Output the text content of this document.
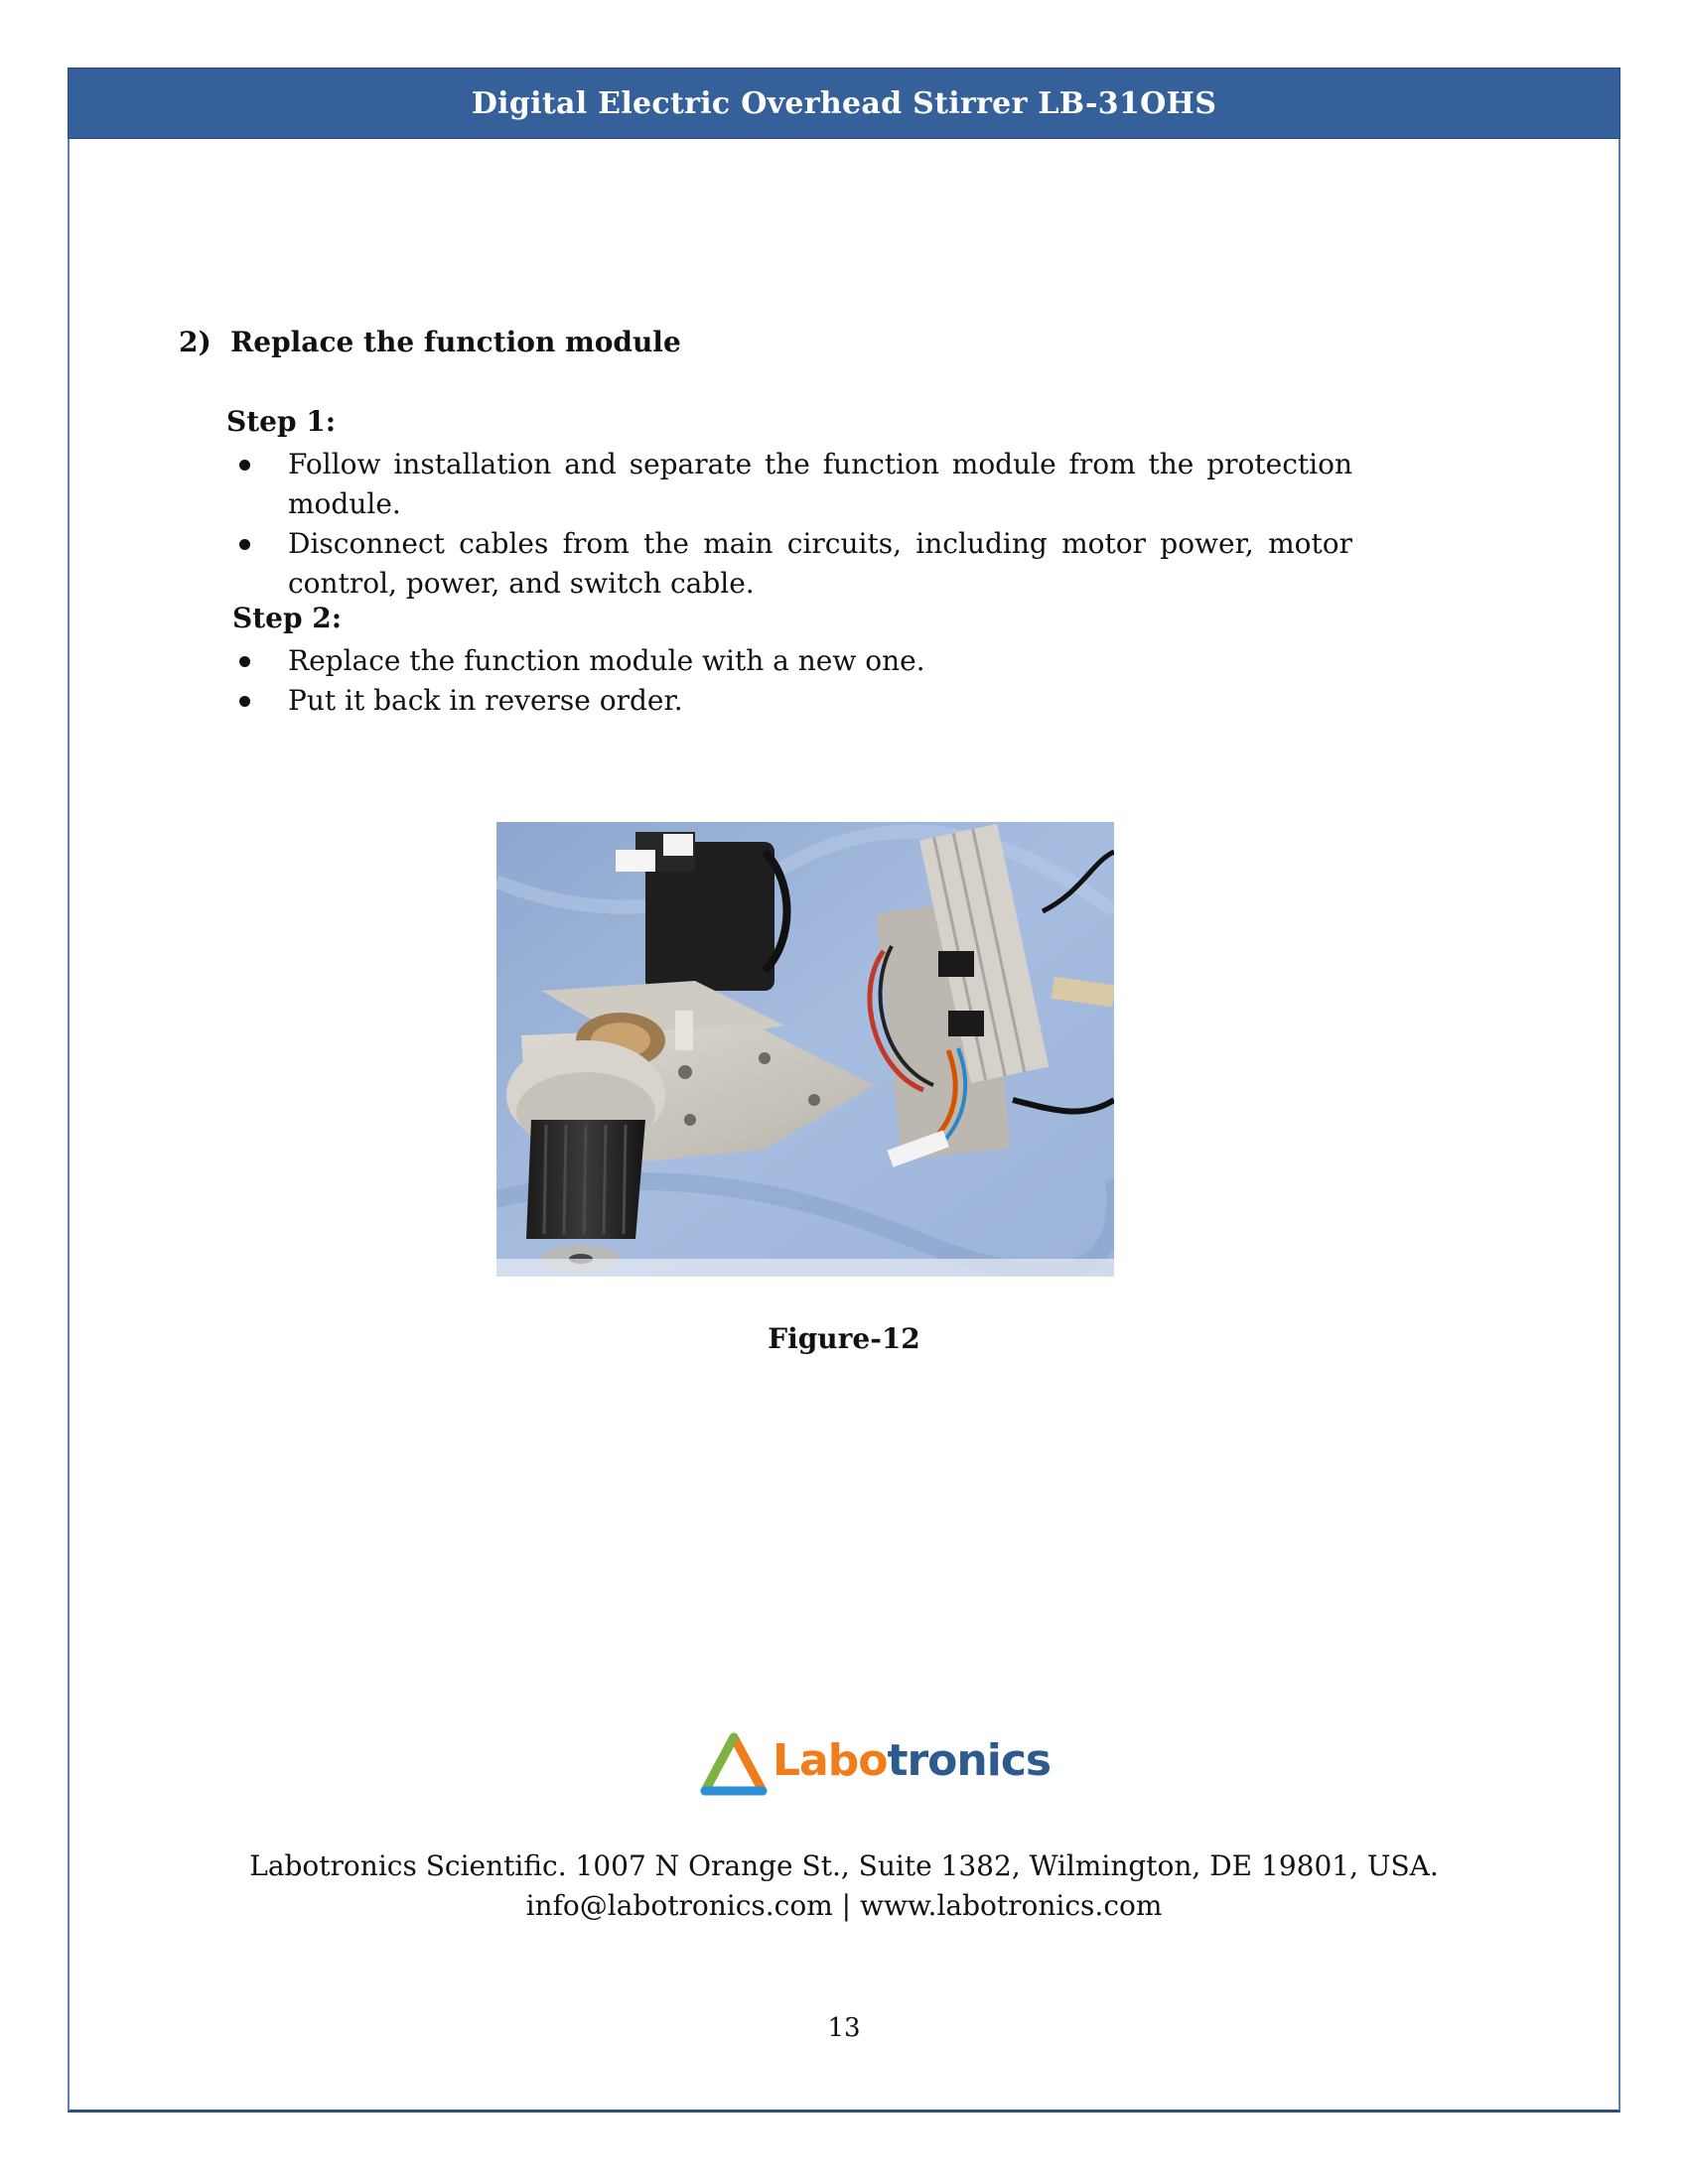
Digital Electric Overhead Stirrer LB-31OHS
2) Replace the function module
Step 1:
Follow installation and separate the function module from the protection module.
Disconnect cables from the main circuits, including motor power, motor control, power, and switch cable.
Step 2:
Replace the function module with a new one.
Put it back in reverse order.
Figure-12
Labotronics
Labotronics Scientific. 1007 N Orange St., Suite 1382, Wilmington, DE 19801, USA.
info@labotronics.com | www.labotronics.com
13
